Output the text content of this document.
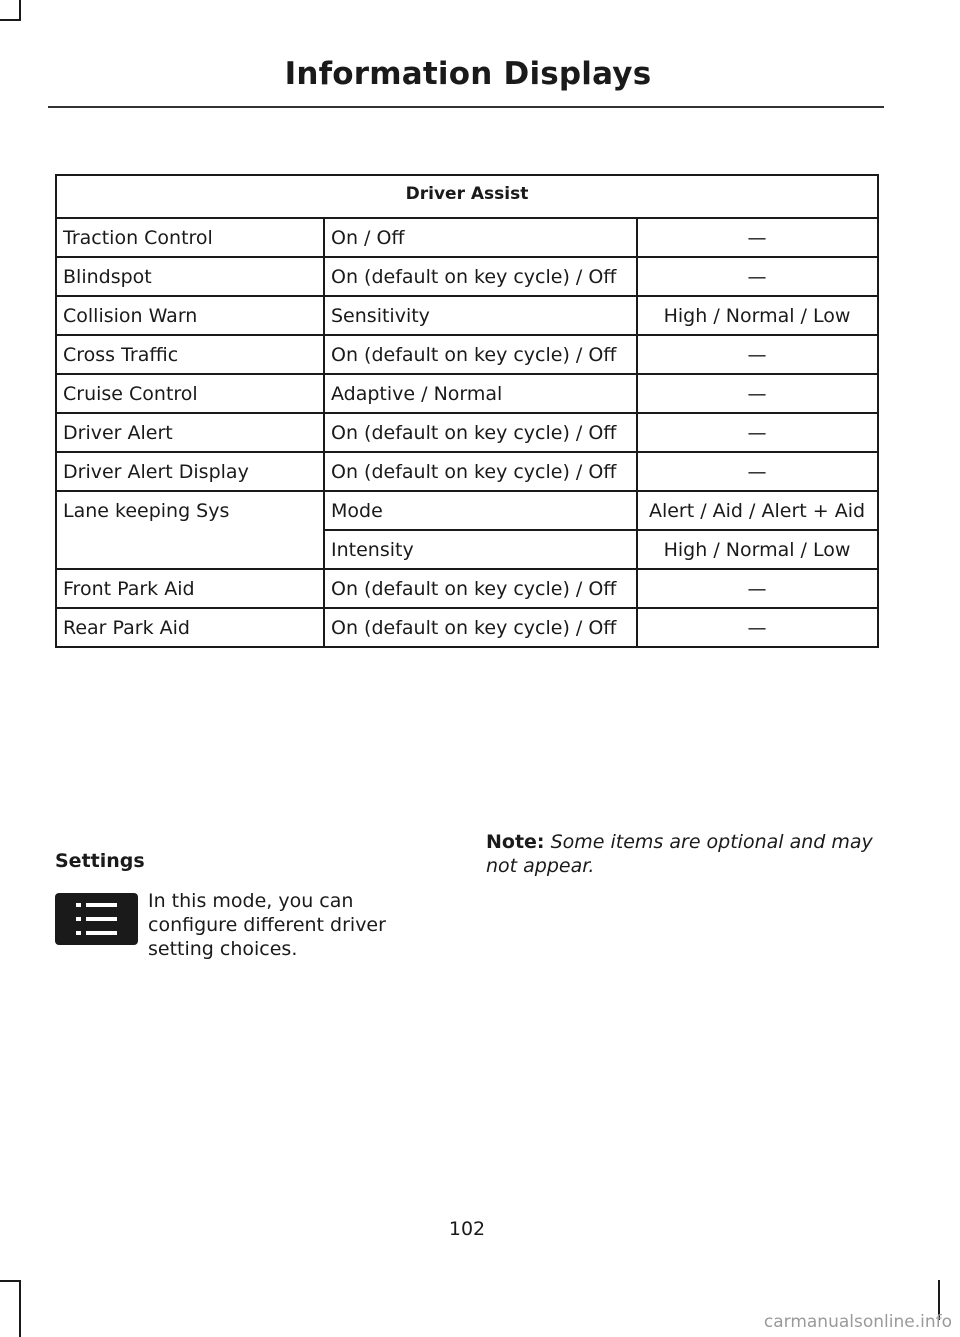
Information Displays
Driver Assist		
Traction Control	On / Off	—
Blindspot	On (default on key cycle) / Off	—
Collision Warn	Sensitivity	High / Normal / Low
Cross Traffic	On (default on key cycle) / Off	—
Cruise Control	Adaptive / Normal	—
Driver Alert	On (default on key cycle) / Off	—
Driver Alert Display	On (default on key cycle) / Off	—
Lane keeping Sys	Mode	Alert / Aid / Alert + Aid
	Intensity	High / Normal / Low
Front Park Aid	On (default on key cycle) / Off	—
Rear Park Aid	On (default on key cycle) / Off	—
Settings
In this mode, you can configure different driver setting choices.
Note: Some items are optional and may not appear.
102
carmanualsonline.info
